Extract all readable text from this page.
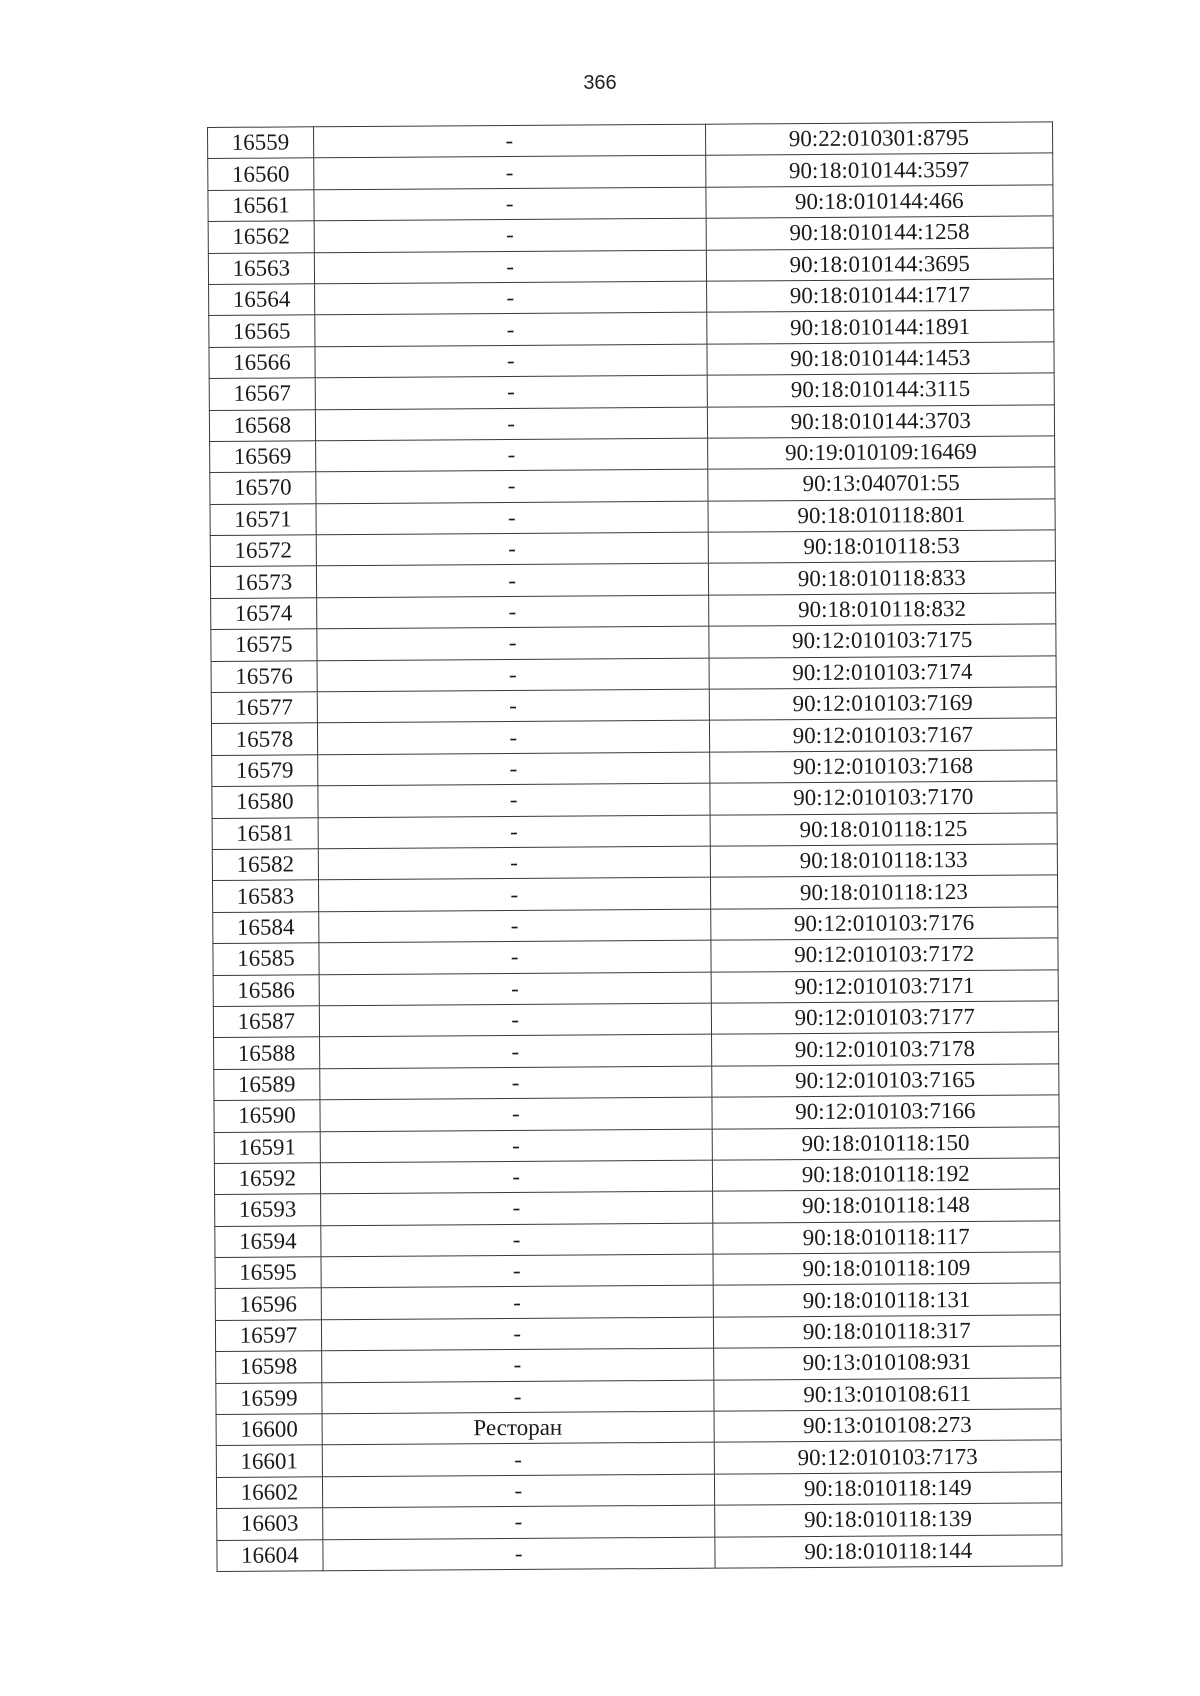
366
16559	-	90:22:010301:8795
16560	-	90:18:010144:3597
16561	-	90:18:010144:466
16562	-	90:18:010144:1258
16563	-	90:18:010144:3695
16564	-	90:18:010144:1717
16565	-	90:18:010144:1891
16566	-	90:18:010144:1453
16567	-	90:18:010144:3115
16568	-	90:18:010144:3703
16569	-	90:19:010109:16469
16570	-	90:13:040701:55
16571	-	90:18:010118:801
16572	-	90:18:010118:53
16573	-	90:18:010118:833
16574	-	90:18:010118:832
16575	-	90:12:010103:7175
16576	-	90:12:010103:7174
16577	-	90:12:010103:7169
16578	-	90:12:010103:7167
16579	-	90:12:010103:7168
16580	-	90:12:010103:7170
16581	-	90:18:010118:125
16582	-	90:18:010118:133
16583	-	90:18:010118:123
16584	-	90:12:010103:7176
16585	-	90:12:010103:7172
16586	-	90:12:010103:7171
16587	-	90:12:010103:7177
16588	-	90:12:010103:7178
16589	-	90:12:010103:7165
16590	-	90:12:010103:7166
16591	-	90:18:010118:150
16592	-	90:18:010118:192
16593	-	90:18:010118:148
16594	-	90:18:010118:117
16595	-	90:18:010118:109
16596	-	90:18:010118:131
16597	-	90:18:010118:317
16598	-	90:13:010108:931
16599	-	90:13:010108:611
16600	Ресторан	90:13:010108:273
16601	-	90:12:010103:7173
16602	-	90:18:010118:149
16603	-	90:18:010118:139
16604	-	90:18:010118:144
